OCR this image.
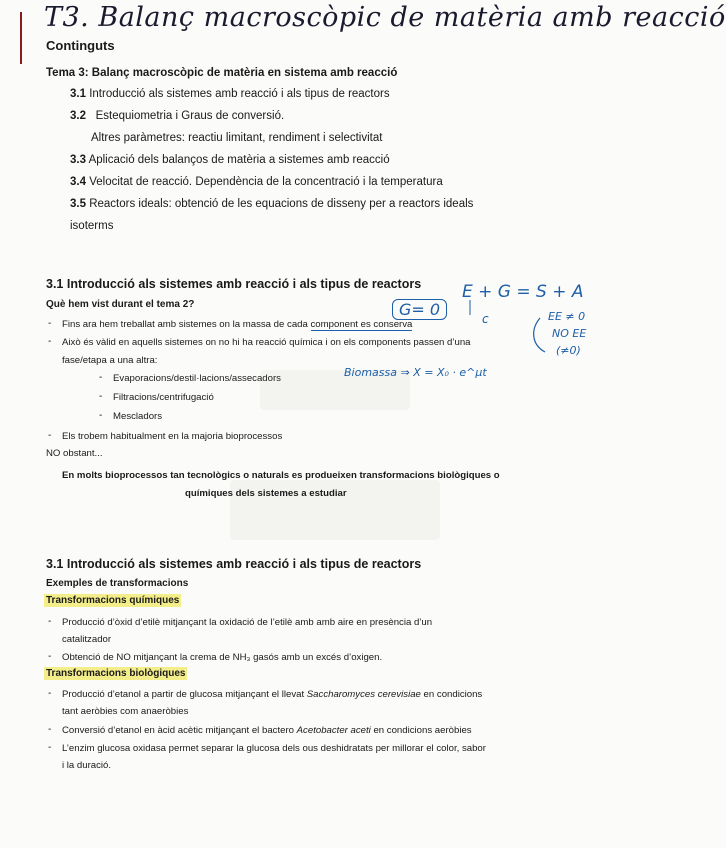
T3. Balanç macroscòpic de matèria amb reacció
Continguts
Tema 3: Balanç macroscòpic de matèria en sistema amb reacció
3.1 Introducció als sistemes amb reacció i als tipus de reactors
3.2 Estequiometria i Graus de conversió.
Altres paràmetres: reactiu limitant, rendiment i selectivitat
3.3 Aplicació dels balanços de matèria a sistemes amb reacció
3.4 Velocitat de reacció. Dependència de la concentració i la temperatura
3.5 Reactors ideals: obtenció de les equacions de disseny per a reactors ideals
isoterms
3.1 Introducció als sistemes amb reacció i als tipus de reactors
Què hem vist durant el tema 2?
- Fins ara hem treballat amb sistemes on la massa de cada component es conserva
- Això és vàlid en aquells sistemes on no hi ha reacció química i on els components passen d’una
fase/etapa a una altra:
- Evaporacions/destil·lacions/assecadors
- Filtracions/centrifugació
- Mescladors
- Els trobem habitualment en la majoria bioprocessos
NO obstant...
En molts bioprocessos tan tecnològics o naturals es produeixen transformacions biològiques o
químiques dels sistemes a estudiar
G= 0
E + G = S + A
c	EE ≠ 0
NO EE
(≠0)
Biomassa ⇒ X = X₀ · e^μt
3.1 Introducció als sistemes amb reacció i als tipus de reactors
Exemples de transformacions
Transformacions químiques
- Producció d’òxid d’etilè mitjançant la oxidació de l’etilè amb amb aire en presència d’un
catalitzador
- Obtenció de NO mitjançant la crema de NH₃ gasós amb un excés d’oxigen.
Transformacions biològiques
- Producció d’etanol a partir de glucosa mitjançant el llevat Saccharomyces cerevisiae en condicions
tant aeròbies com anaeròbies
- Conversió d’etanol en àcid acètic mitjançant el bactero Acetobacter aceti en condicions aeròbies
- L’enzim glucosa oxidasa permet separar la glucosa dels ous deshidratats per millorar el color, sabor
i la duració.
